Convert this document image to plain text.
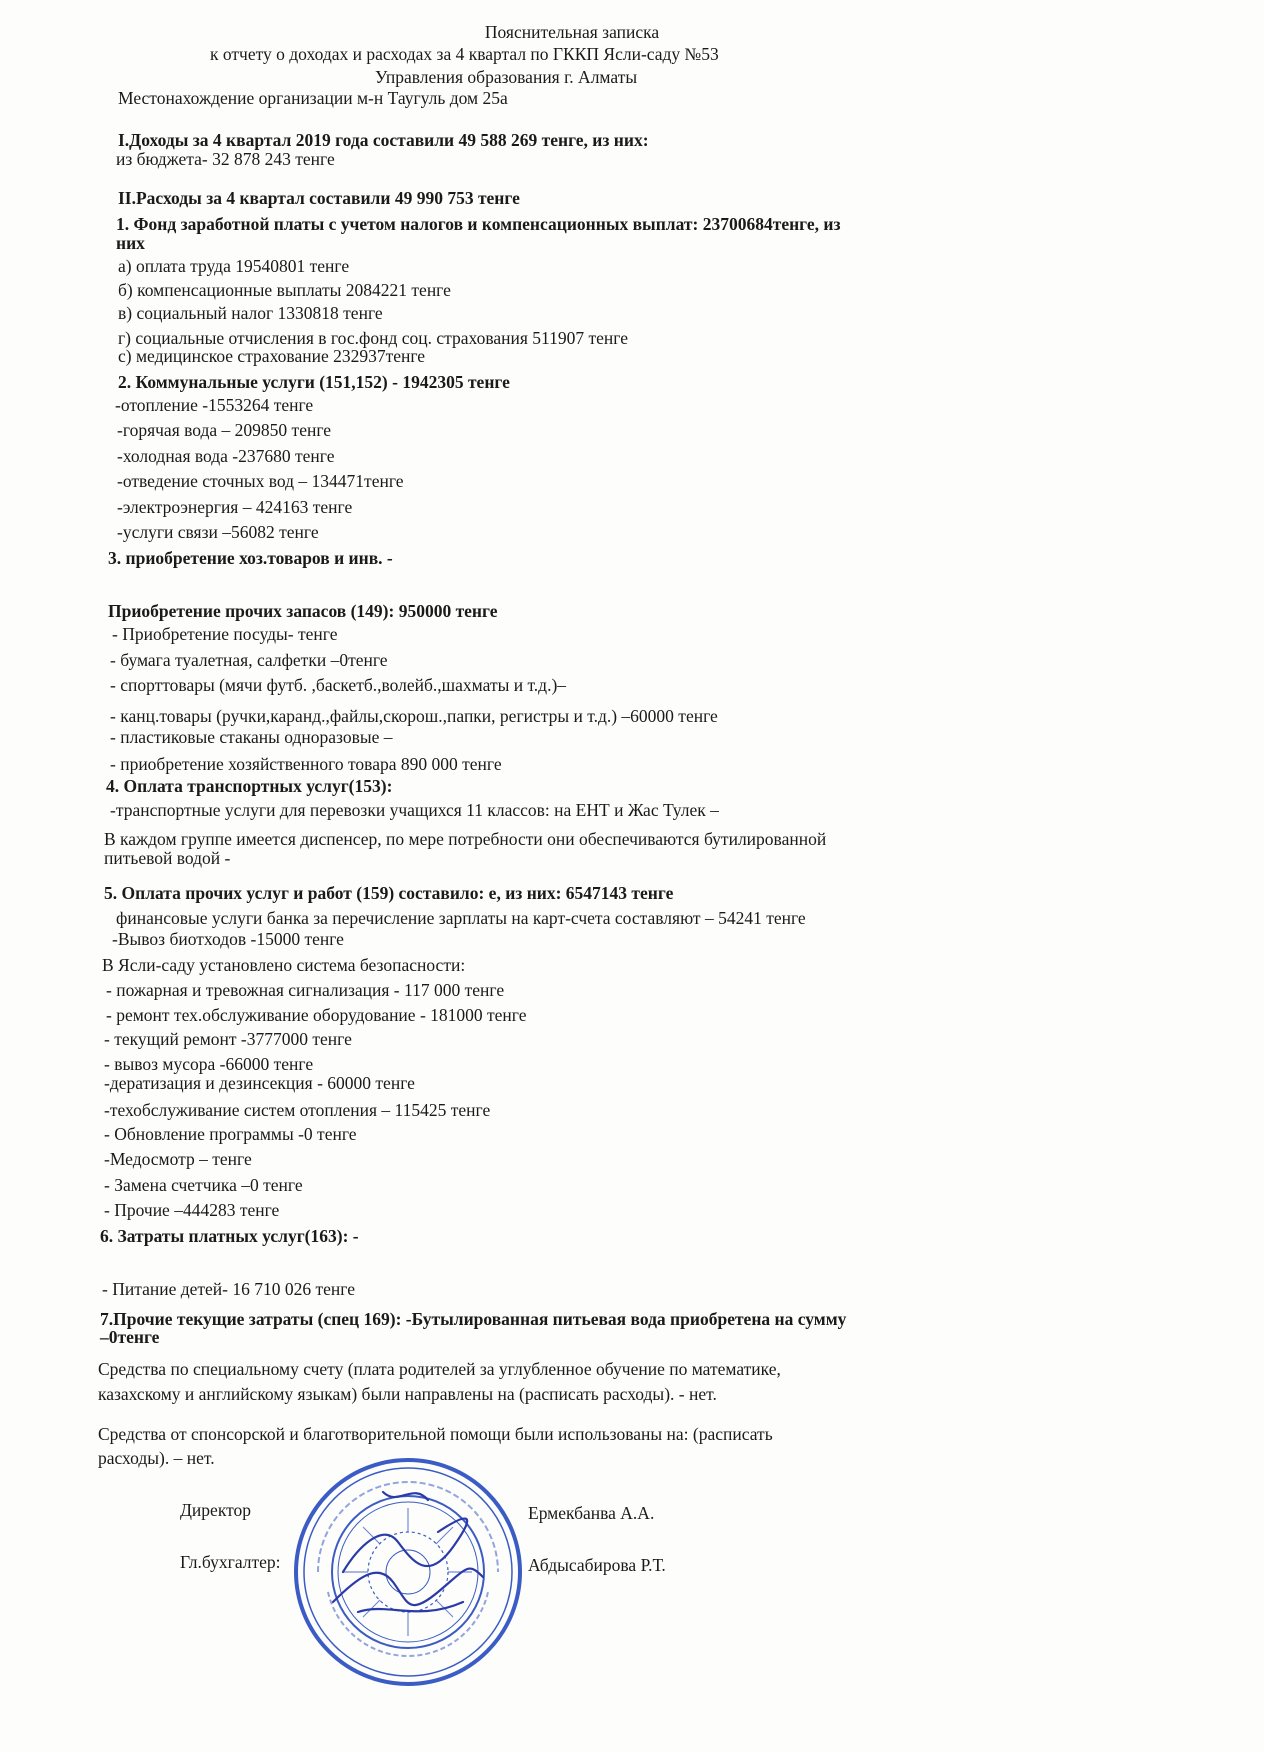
Пояснительная записка
к отчету о доходах и расходах за 4 квартал по ГККП Ясли-саду №53
Управления образования г. Алматы
Местонахождение организации м-н Таугуль дом 25а
I.Доходы за 4 квартал 2019 года составили 49 588 269 тенге, из них:
из бюджета- 32 878 243 тенге
II.Расходы за 4 квартал составили 49 990 753 тенге
1. Фонд заработной платы с учетом налогов и компенсационных выплат: 23700684тенге, из
них
а) оплата труда 19540801 тенге
б) компенсационные выплаты 2084221 тенге
в) социальный налог 1330818 тенге
г) социальные отчисления в гос.фонд соц. страхования 511907 тенге
с) медицинское страхование 232937тенге
2. Коммунальные услуги (151,152) - 1942305 тенге
-отопление -1553264 тенге
-горячая вода – 209850 тенге
-холодная вода -237680 тенге
-отведение сточных вод – 134471тенге
-электроэнергия – 424163 тенге
-услуги связи –56082 тенге
3. приобретение хоз.товаров и инв. -
Приобретение прочих запасов (149): 950000 тенге
- Приобретение посуды- тенге
- бумага туалетная, салфетки –0тенге
- спорттовары (мячи футб. ,баскетб.,волейб.,шахматы и т.д.)–
- канц.товары (ручки,каранд.,файлы,скорош.,папки, регистры и т.д.) –60000 тенге
- пластиковые стаканы одноразовые –
- приобретение хозяйственного товара 890 000 тенге
4. Оплата транспортных услуг(153):
-транспортные услуги для перевозки учащихся 11 классов: на ЕНТ и Жас Тулек –
В каждом группе имеется диспенсер, по мере потребности они обеспечиваются бутилированной
питьевой водой -
5. Оплата прочих услуг и работ (159) составило: е, из них: 6547143 тенге
финансовые услуги банка за перечисление зарплаты на карт-счета составляют – 54241 тенге
-Вывоз биотходов -15000 тенге
В Ясли-саду установлено система безопасности:
- пожарная и тревожная сигнализация - 117 000 тенге
- ремонт тех.обслуживание оборудование - 181000 тенге
- текущий ремонт -3777000 тенге
- вывоз мусора -66000 тенге
-дератизация и дезинсекция - 60000 тенге
-техобслуживание систем отопления – 115425 тенге
- Обновление программы -0 тенге
-Медосмотр – тенге
- Замена счетчика –0 тенге
- Прочие –444283 тенге
6. Затраты платных услуг(163): -
- Питание детей- 16 710 026 тенге
7.Прочие текущие затраты (спец 169): -Бутылированная питьевая вода приобретена на сумму
–0тенге
Средства по специальному счету (плата родителей за углубленное обучение по математике,
казахскому и английскому языкам) были направлены на (расписать расходы). - нет.
Средства от спонсорской и благотворительной помощи были использованы на: (расписать
расходы). – нет.
Директор	Ермекбанва А.А.
Гл.бухгалтер:	Абдысабирова Р.Т.
